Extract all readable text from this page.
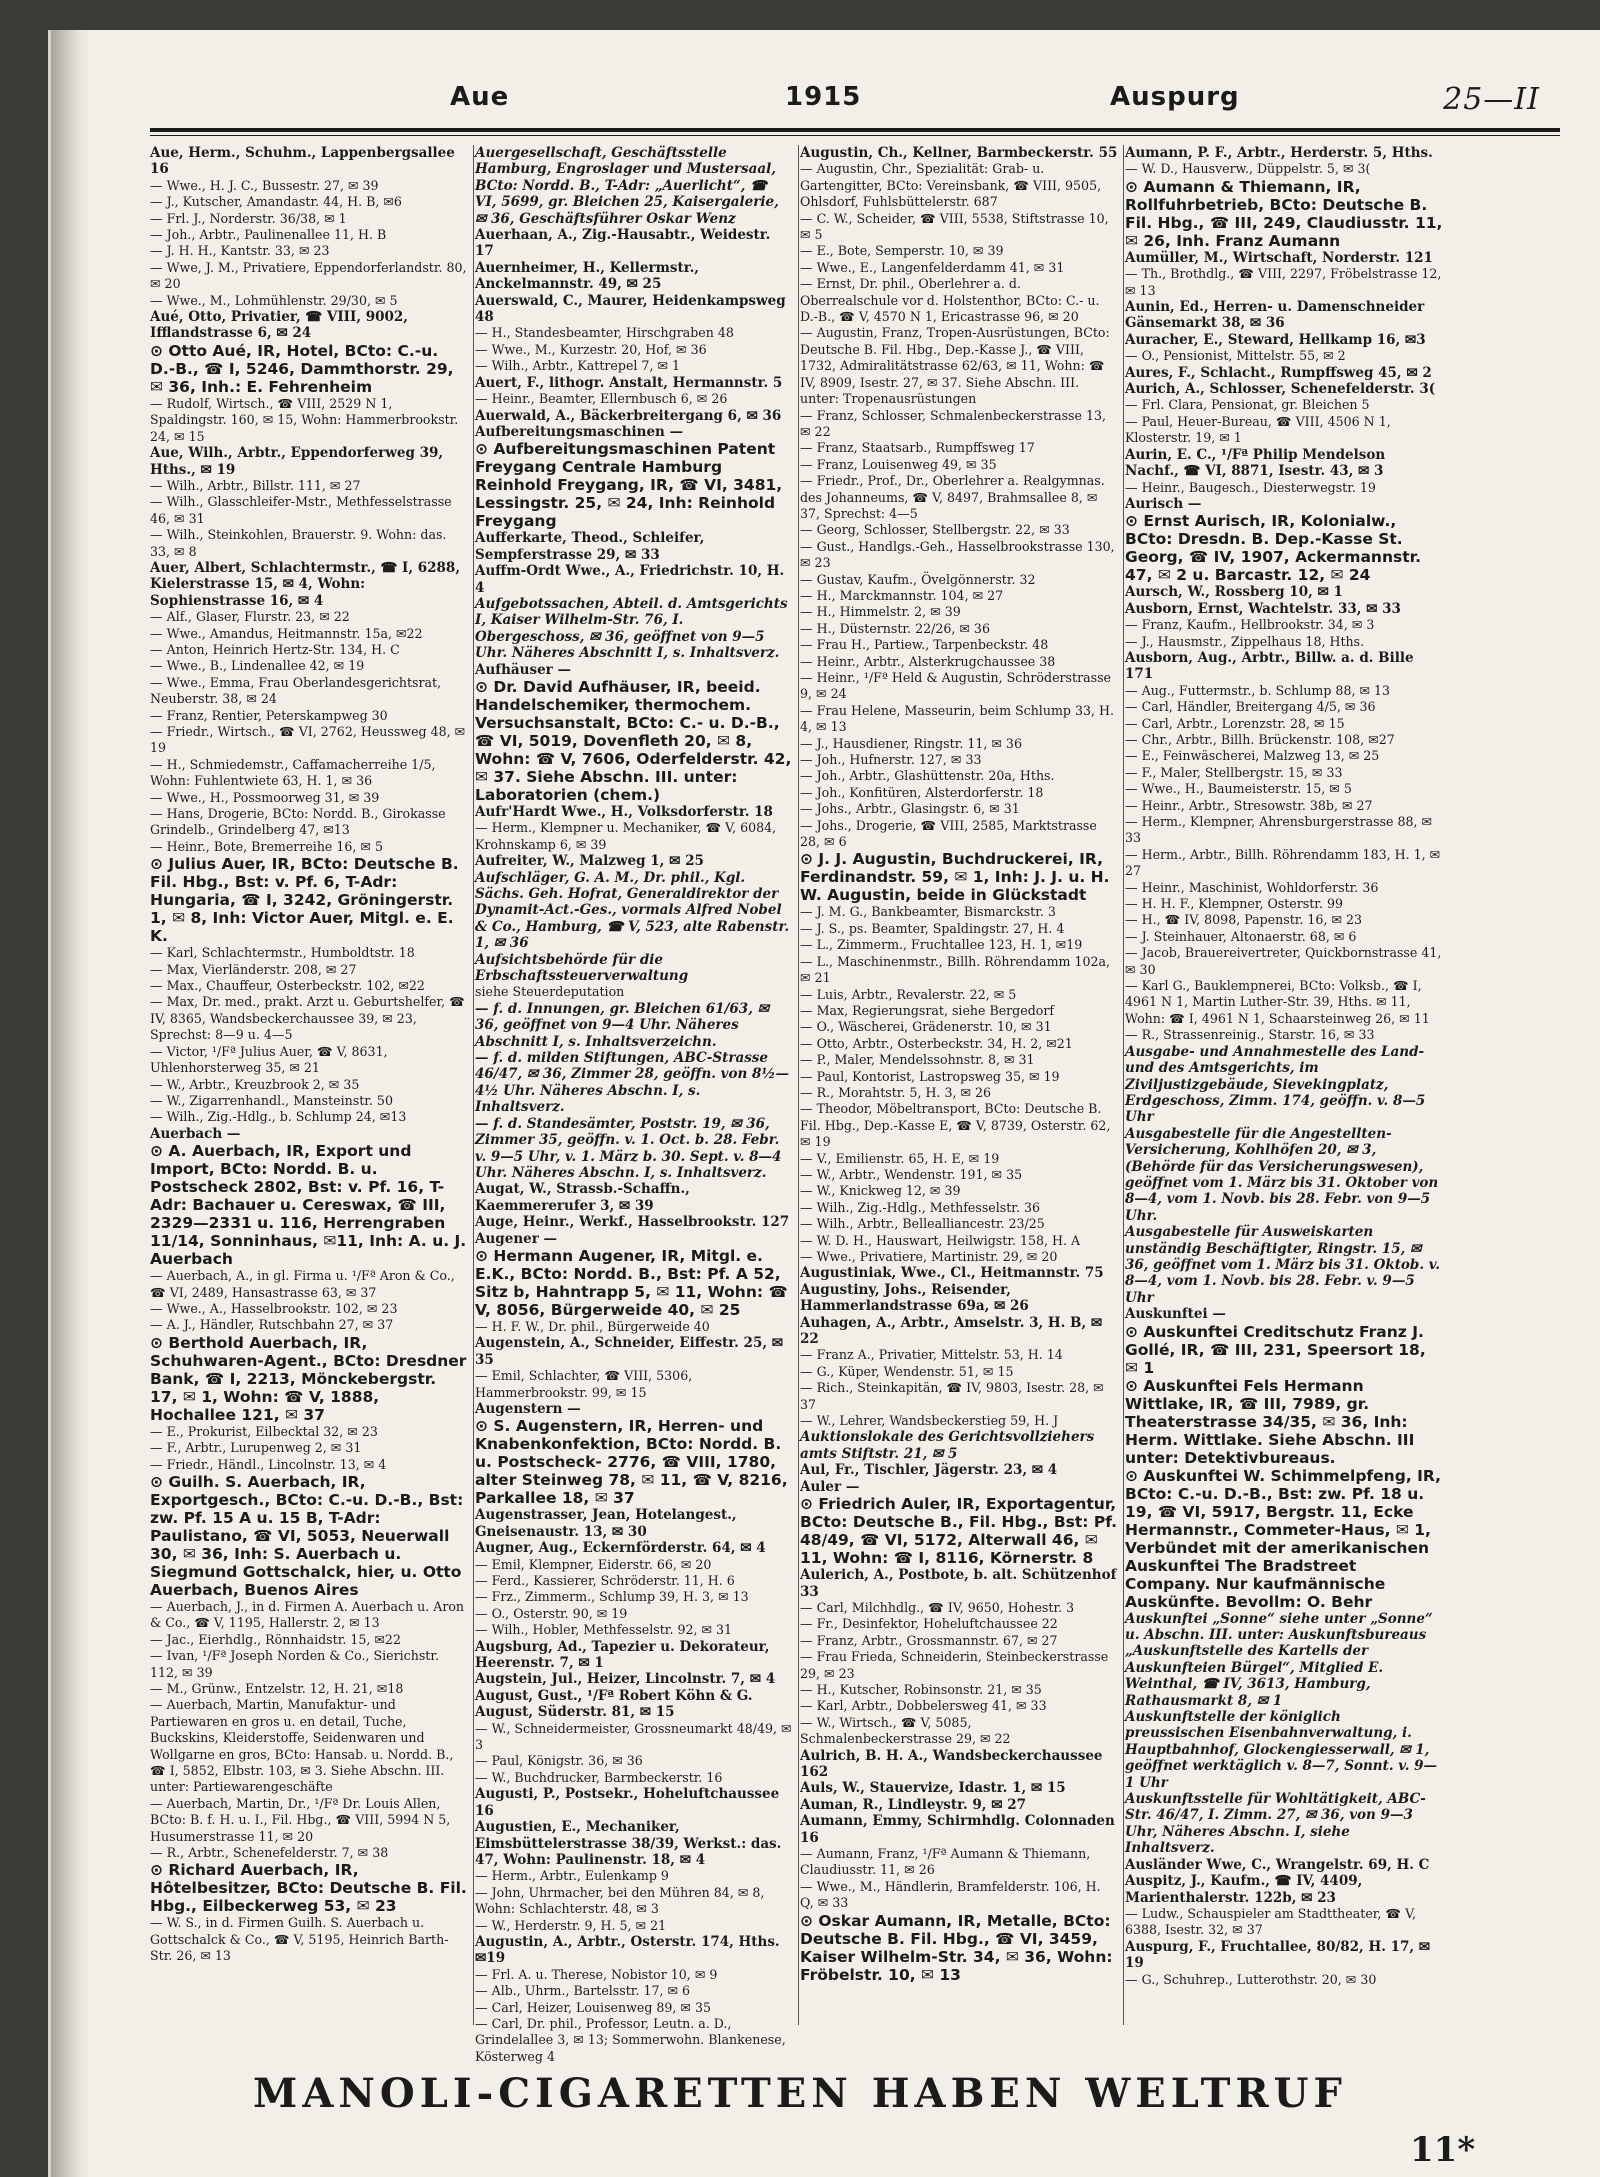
Aue	1915	Auspurg	25—II
Aue, Herm., Schuhm., Lappenbergsallee 16
— Wwe., H. J. C., Bussestr. 27, ✉ 39
— J., Kutscher, Amandastr. 44, H. B, ✉6
— Frl. J., Norderstr. 36/38, ✉ 1
— Joh., Arbtr., Paulinenallee 11, H. B
— J. H. H., Kantstr. 33, ✉ 23
— Wwe, J. M., Privatiere, Eppendorferlandstr. 80, ✉ 20
— Wwe., M., Lohmühlenstr. 29/30, ✉ 5
Aué, Otto, Privatier, ☎ VIII, 9002, Ifflandstrasse 6, ✉ 24
⊙ Otto Aué, IR, Hotel, BCto: C.-u. D.-B., ☎ I, 5246, Dammthorstr. 29, ✉ 36, Inh.: E. Fehrenheim
— Rudolf, Wirtsch., ☎ VIII, 2529 N 1, Spaldingstr. 160, ✉ 15, Wohn: Hammerbrookstr. 24, ✉ 15
Aue, Wilh., Arbtr., Eppendorferweg 39, Hths., ✉ 19
— Wilh., Arbtr., Billstr. 111, ✉ 27
— Wilh., Glasschleifer-Mstr., Methfesselstrasse 46, ✉ 31
— Wilh., Steinkohlen, Brauerstr. 9. Wohn: das. 33, ✉ 8
Auer, Albert, Schlachtermstr., ☎ I, 6288, Kielerstrasse 15, ✉ 4, Wohn: Sophienstrasse 16, ✉ 4
— Alf., Glaser, Flurstr. 23, ✉ 22
— Wwe., Amandus, Heitmannstr. 15a, ✉22
— Anton, Heinrich Hertz-Str. 134, H. C
— Wwe., B., Lindenallee 42, ✉ 19
— Wwe., Emma, Frau Oberlandesgerichtsrat, Neuberstr. 38, ✉ 24
— Franz, Rentier, Peterskampweg 30
— Friedr., Wirtsch., ☎ VI, 2762, Heussweg 48, ✉ 19
— H., Schmiedemstr., Caffamacherreihe 1/5, Wohn: Fuhlentwiete 63, H. 1, ✉ 36
— Wwe., H., Possmoorweg 31, ✉ 39
— Hans, Drogerie, BCto: Nordd. B., Girokasse Grindelb., Grindelberg 47, ✉13
— Heinr., Bote, Bremerreihe 16, ✉ 5
⊙ Julius Auer, IR, BCto: Deutsche B. Fil. Hbg., Bst: v. Pf. 6, T-Adr: Hungaria, ☎ I, 3242, Gröningerstr. 1, ✉ 8, Inh: Victor Auer, Mitgl. e. E. K.
— Karl, Schlachtermstr., Humboldtstr. 18
— Max, Vierländerstr. 208, ✉ 27
— Max., Chauffeur, Osterbeckstr. 102, ✉22
— Max, Dr. med., prakt. Arzt u. Geburtshelfer, ☎ IV, 8365, Wandsbeckerchaussee 39, ✉ 23, Sprechst: 8—9 u. 4—5
— Victor, ¹/Fª Julius Auer, ☎ V, 8631, Uhlenhorsterweg 35, ✉ 21
— W., Arbtr., Kreuzbrook 2, ✉ 35
— W., Zigarrenhandl., Mansteinstr. 50
— Wilh., Zig.-Hdlg., b. Schlump 24, ✉13
Auerbach —
⊙ A. Auerbach, IR, Export und Import, BCto: Nordd. B. u. Postscheck 2802, Bst: v. Pf. 16, T-Adr: Bachauer u. Cereswax, ☎ III, 2329—2331 u. 116, Herrengraben 11/14, Sonninhaus, ✉11, Inh: A. u. J. Auerbach
— Auerbach, A., in gl. Firma u. ¹/Fª Aron & Co., ☎ VI, 2489, Hansastrasse 63, ✉ 37
— Wwe., A., Hasselbrookstr. 102, ✉ 23
— A. J., Händler, Rutschbahn 27, ✉ 37
⊙ Berthold Auerbach, IR, Schuhwaren-Agent., BCto: Dresdner Bank, ☎ I, 2213, Mönckebergstr. 17, ✉ 1, Wohn: ☎ V, 1888, Hochallee 121, ✉ 37
— E., Prokurist, Eilbecktal 32, ✉ 23
— F., Arbtr., Lurupenweg 2, ✉ 31
— Friedr., Händl., Lincolnstr. 13, ✉ 4
⊙ Guilh. S. Auerbach, IR, Exportgesch., BCto: C.-u. D.-B., Bst: zw. Pf. 15 A u. 15 B, T-Adr: Paulistano, ☎ VI, 5053, Neuerwall 30, ✉ 36, Inh: S. Auerbach u. Siegmund Gottschalck, hier, u. Otto Auerbach, Buenos Aires
— Auerbach, J., in d. Firmen A. Auerbach u. Aron & Co., ☎ V, 1195, Hallerstr. 2, ✉ 13
— Jac., Eierhdlg., Rönnhaidstr. 15, ✉22
— Ivan, ¹/Fª Joseph Norden & Co., Sierichstr. 112, ✉ 39
— M., Grünw., Entzelstr. 12, H. 21, ✉18
— Auerbach, Martin, Manufaktur- und Partiewaren en gros u. en detail, Tuche, Buckskins, Kleiderstoffe, Seidenwaren und Wollgarne en gros, BCto: Hansab. u. Nordd. B., ☎ I, 5852, Elbstr. 103, ✉ 3. Siehe Abschn. III. unter: Partiewarengeschäfte
— Auerbach, Martin, Dr., ¹/Fª Dr. Louis Allen, BCto: B. f. H. u. I., Fil. Hbg., ☎ VIII, 5994 N 5, Husumerstrasse 11, ✉ 20
— R., Arbtr., Schenefelderstr. 7, ✉ 38
⊙ Richard Auerbach, IR, Hôtelbesitzer, BCto: Deutsche B. Fil. Hbg., Eilbeckerweg 53, ✉ 23
— W. S., in d. Firmen Guilh. S. Auerbach u. Gottschalck & Co., ☎ V, 5195, Heinrich Barth-Str. 26, ✉ 13
Auergesellschaft, Geschäftsstelle Hamburg, Engroslager und Mustersaal, BCto: Nordd. B., T-Adr: „Auerlicht“, ☎ VI, 5699, gr. Bleichen 25, Kaisergalerie, ✉ 36, Geschäftsführer Oskar Wenz
Auerhaan, A., Zig.-Hausabtr., Weidestr. 17
Auernheimer, H., Kellermstr., Anckelmannstr. 49, ✉ 25
Auerswald, C., Maurer, Heidenkampsweg 48
— H., Standesbeamter, Hirschgraben 48
— Wwe., M., Kurzestr. 20, Hof, ✉ 36
— Wilh., Arbtr., Kattrepel 7, ✉ 1
Auert, F., lithogr. Anstalt, Hermannstr. 5
— Heinr., Beamter, Ellernbusch 6, ✉ 26
Auerwald, A., Bäckerbreitergang 6, ✉ 36
Aufbereitungsmaschinen —
⊙ Aufbereitungsmaschinen Patent Freygang Centrale Hamburg Reinhold Freygang, IR, ☎ VI, 3481, Lessingstr. 25, ✉ 24, Inh: Reinhold Freygang
Aufferkarte, Theod., Schleifer, Sempferstrasse 29, ✉ 33
Auffm-Ordt Wwe., A., Friedrichstr. 10, H. 4
Aufgebotssachen, Abteil. d. Amtsgerichts I, Kaiser Wilhelm-Str. 76, I. Obergeschoss, ✉ 36, geöffnet von 9—5 Uhr. Näheres Abschnitt I, s. Inhaltsverz.
Aufhäuser —
⊙ Dr. David Aufhäuser, IR, beeid. Handelschemiker, thermochem. Versuchsanstalt, BCto: C.- u. D.-B., ☎ VI, 5019, Dovenfleth 20, ✉ 8, Wohn: ☎ V, 7606, Oderfelderstr. 42, ✉ 37. Siehe Abschn. III. unter: Laboratorien (chem.)
Aufr'Hardt Wwe., H., Volksdorferstr. 18
— Herm., Klempner u. Mechaniker, ☎ V, 6084, Krohnskamp 6, ✉ 39
Aufreiter, W., Malzweg 1, ✉ 25
Aufschläger, G. A. M., Dr. phil., Kgl. Sächs. Geh. Hofrat, Generaldirektor der Dynamit-Act.-Ges., vormals Alfred Nobel & Co., Hamburg, ☎ V, 523, alte Rabenstr. 1, ✉ 36
Aufsichtsbehörde für die Erbschaftssteuerverwaltung
siehe Steuerdeputation
— f. d. Innungen, gr. Bleichen 61/63, ✉ 36, geöffnet von 9—4 Uhr. Näheres Abschnitt I, s. Inhaltsverzeichn.
— f. d. milden Stiftungen, ABC-Strasse 46/47, ✉ 36, Zimmer 28, geöffn. von 8½—4½ Uhr. Näheres Abschn. I, s. Inhaltsverz.
— f. d. Standesämter, Poststr. 19, ✉ 36, Zimmer 35, geöffn. v. 1. Oct. b. 28. Febr. v. 9—5 Uhr, v. 1. März b. 30. Sept. v. 8—4 Uhr. Näheres Abschn. I, s. Inhaltsverz.
Augat, W., Strassb.-Schaffn., Kaemmererufer 3, ✉ 39
Auge, Heinr., Werkf., Hasselbrookstr. 127
Augener —
⊙ Hermann Augener, IR, Mitgl. e. E.K., BCto: Nordd. B., Bst: Pf. A 52, Sitz b, Hahntrapp 5, ✉ 11, Wohn: ☎ V, 8056, Bürgerweide 40, ✉ 25
— H. F. W., Dr. phil., Bürgerweide 40
Augenstein, A., Schneider, Eiffestr. 25, ✉ 35
— Emil, Schlachter, ☎ VIII, 5306, Hammerbrookstr. 99, ✉ 15
Augenstern —
⊙ S. Augenstern, IR, Herren- und Knabenkonfektion, BCto: Nordd. B. u. Postscheck- 2776, ☎ VIII, 1780, alter Steinweg 78, ✉ 11, ☎ V, 8216, Parkallee 18, ✉ 37
Augenstrasser, Jean, Hotelangest., Gneisenaustr. 13, ✉ 30
Augner, Aug., Eckernförderstr. 64, ✉ 4
— Emil, Klempner, Eiderstr. 66, ✉ 20
— Ferd., Kassierer, Schröderstr. 11, H. 6
— Frz., Zimmerm., Schlump 39, H. 3, ✉ 13
— O., Osterstr. 90, ✉ 19
— Wilh., Hobler, Methfesselstr. 92, ✉ 31
Augsburg, Ad., Tapezier u. Dekorateur, Heerenstr. 7, ✉ 1
Augstein, Jul., Heizer, Lincolnstr. 7, ✉ 4
August, Gust., ¹/Fª Robert Köhn & G. August, Süderstr. 81, ✉ 15
— W., Schneidermeister, Grossneumarkt 48/49, ✉ 3
— Paul, Königstr. 36, ✉ 36
— W., Buchdrucker, Barmbeckerstr. 16
Augusti, P., Postsekr., Hoheluftchaussee 16
Augustien, E., Mechaniker, Eimsbüttelerstrasse 38/39, Werkst.: das. 47, Wohn: Paulinenstr. 18, ✉ 4
— Herm., Arbtr., Eulenkamp 9
— John, Uhrmacher, bei den Mühren 84, ✉ 8, Wohn: Schlachterstr. 48, ✉ 3
— W., Herderstr. 9, H. 5, ✉ 21
Augustin, A., Arbtr., Osterstr. 174, Hths. ✉19
— Frl. A. u. Therese, Nobistor 10, ✉ 9
— Alb., Uhrm., Bartelsstr. 17, ✉ 6
— Carl, Heizer, Louisenweg 89, ✉ 35
— Carl, Dr. phil., Professor, Leutn. a. D., Grindelallee 3, ✉ 13; Sommerwohn. Blankenese, Kösterweg 4
Augustin, Ch., Kellner, Barmbeckerstr. 55
— Augustin, Chr., Spezialität: Grab- u. Gartengitter, BCto: Vereinsbank, ☎ VIII, 9505, Ohlsdorf, Fuhlsbüttelerstr. 687
— C. W., Scheider, ☎ VIII, 5538, Stiftstrasse 10, ✉ 5
— E., Bote, Semperstr. 10, ✉ 39
— Wwe., E., Langenfelderdamm 41, ✉ 31
— Ernst, Dr. phil., Oberlehrer a. d. Oberrealschule vor d. Holstenthor, BCto: C.- u. D.-B., ☎ V, 4570 N 1, Ericastrasse 96, ✉ 20
— Augustin, Franz, Tropen-Ausrüstungen, BCto: Deutsche B. Fil. Hbg., Dep.-Kasse J., ☎ VIII, 1732, Admiralitätstrasse 62/63, ✉ 11, Wohn: ☎ IV, 8909, Isestr. 27, ✉ 37. Siehe Abschn. III. unter: Tropenausrüstungen
— Franz, Schlosser, Schmalenbeckerstrasse 13, ✉ 22
— Franz, Staatsarb., Rumpffsweg 17
— Franz, Louisenweg 49, ✉ 35
— Friedr., Prof., Dr., Oberlehrer a. Realgymnas. des Johanneums, ☎ V, 8497, Brahmsallee 8, ✉ 37, Sprechst: 4—5
— Georg, Schlosser, Stellbergstr. 22, ✉ 33
— Gust., Handlgs.-Geh., Hasselbrookstrasse 130, ✉ 23
— Gustav, Kaufm., Övelgönnerstr. 32
— H., Marckmannstr. 104, ✉ 27
— H., Himmelstr. 2, ✉ 39
— H., Düsternstr. 22/26, ✉ 36
— Frau H., Partiew., Tarpenbeckstr. 48
— Heinr., Arbtr., Alsterkrugchaussee 38
— Heinr., ¹/Fª Held & Augustin, Schröderstrasse 9, ✉ 24
— Frau Helene, Masseurin, beim Schlump 33, H. 4, ✉ 13
— J., Hausdiener, Ringstr. 11, ✉ 36
— Joh., Hufnerstr. 127, ✉ 33
— Joh., Arbtr., Glashüttenstr. 20a, Hths.
— Joh., Konfitüren, Alsterdorferstr. 18
— Johs., Arbtr., Glasingstr. 6, ✉ 31
— Johs., Drogerie, ☎ VIII, 2585, Marktstrasse 28, ✉ 6
⊙ J. J. Augustin, Buchdruckerei, IR, Ferdinandstr. 59, ✉ 1, Inh: J. J. u. H. W. Augustin, beide in Glückstadt
— J. M. G., Bankbeamter, Bismarckstr. 3
— J. S., ps. Beamter, Spaldingstr. 27, H. 4
— L., Zimmerm., Fruchtallee 123, H. 1, ✉19
— L., Maschinenmstr., Billh. Röhrendamm 102a, ✉ 21
— Luis, Arbtr., Revalerstr. 22, ✉ 5
— Max, Regierungsrat, siehe Bergedorf
— O., Wäscherei, Grädenerstr. 10, ✉ 31
— Otto, Arbtr., Osterbeckstr. 34, H. 2, ✉21
— P., Maler, Mendelssohnstr. 8, ✉ 31
— Paul, Kontorist, Lastropsweg 35, ✉ 19
— R., Morahtstr. 5, H. 3, ✉ 26
— Theodor, Möbeltransport, BCto: Deutsche B. Fil. Hbg., Dep.-Kasse E, ☎ V, 8739, Osterstr. 62, ✉ 19
— V., Emilienstr. 65, H. E, ✉ 19
— W., Arbtr., Wendenstr. 191, ✉ 35
— W., Knickweg 12, ✉ 39
— Wilh., Zig.-Hdlg., Methfesselstr. 36
— Wilh., Arbtr., Bellealliancestr. 23/25
— W. D. H., Hauswart, Heilwigstr. 158, H. A
— Wwe., Privatiere, Martinistr. 29, ✉ 20
Augustiniak, Wwe., Cl., Heitmannstr. 75
Augustiny, Johs., Reisender, Hammerlandstrasse 69a, ✉ 26
Auhagen, A., Arbtr., Amselstr. 3, H. B, ✉22
— Franz A., Privatier, Mittelstr. 53, H. 14
— G., Küper, Wendenstr. 51, ✉ 15
— Rich., Steinkapitän, ☎ IV, 9803, Isestr. 28, ✉ 37
— W., Lehrer, Wandsbeckerstieg 59, H. J
Auktionslokale des Gerichtsvollziehers amts Stiftstr. 21, ✉ 5
Aul, Fr., Tischler, Jägerstr. 23, ✉ 4
Auler —
⊙ Friedrich Auler, IR, Exportagentur, BCto: Deutsche B., Fil. Hbg., Bst: Pf. 48/49, ☎ VI, 5172, Alterwall 46, ✉ 11, Wohn: ☎ I, 8116, Körnerstr. 8
Aulerich, A., Postbote, b. alt. Schützenhof 33
— Carl, Milchhdlg., ☎ IV, 9650, Hohestr. 3
— Fr., Desinfektor, Hoheluftchaussee 22
— Franz, Arbtr., Grossmannstr. 67, ✉ 27
— Frau Frieda, Schneiderin, Steinbeckerstrasse 29, ✉ 23
— H., Kutscher, Robinsonstr. 21, ✉ 35
— Karl, Arbtr., Dobbelersweg 41, ✉ 33
— W., Wirtsch., ☎ V, 5085, Schmalenbeckerstrasse 29, ✉ 22
Aulrich, B. H. A., Wandsbeckerchaussee 162
Auls, W., Stauervize, Idastr. 1, ✉ 15
Auman, R., Lindleystr. 9, ✉ 27
Aumann, Emmy, Schirmhdlg. Colonnaden 16
— Aumann, Franz, ¹/Fª Aumann & Thiemann, Claudiusstr. 11, ✉ 26
— Wwe., M., Händlerin, Bramfelderstr. 106, H. Q, ✉ 33
⊙ Oskar Aumann, IR, Metalle, BCto: Deutsche B. Fil. Hbg., ☎ VI, 3459, Kaiser Wilhelm-Str. 34, ✉ 36, Wohn: Fröbelstr. 10, ✉ 13
Aumann, P. F., Arbtr., Herderstr. 5, Hths.
— W. D., Hausverw., Düppelstr. 5, ✉ 3(
⊙ Aumann & Thiemann, IR, Rollfuhrbetrieb, BCto: Deutsche B. Fil. Hbg., ☎ III, 249, Claudiusstr. 11, ✉ 26, Inh. Franz Aumann
Aumüller, M., Wirtschaft, Norderstr. 121
— Th., Brothdlg., ☎ VIII, 2297, Fröbelstrasse 12, ✉ 13
Aunin, Ed., Herren- u. Damenschneider Gänsemarkt 38, ✉ 36
Auracher, E., Steward, Hellkamp 16, ✉3
— O., Pensionist, Mittelstr. 55, ✉ 2
Aures, F., Schlacht., Rumpffsweg 45, ✉ 2
Aurich, A., Schlosser, Schenefelderstr. 3(
— Frl. Clara, Pensionat, gr. Bleichen 5
— Paul, Heuer-Bureau, ☎ VIII, 4506 N 1, Klosterstr. 19, ✉ 1
Aurin, E. C., ¹/Fª Philip Mendelson Nachf., ☎ VI, 8871, Isestr. 43, ✉ 3
— Heinr., Baugesch., Diesterwegstr. 19
Aurisch —
⊙ Ernst Aurisch, IR, Kolonialw., BCto: Dresdn. B. Dep.-Kasse St. Georg, ☎ IV, 1907, Ackermannstr. 47, ✉ 2 u. Barcastr. 12, ✉ 24
Aursch, W., Rossberg 10, ✉ 1
Ausborn, Ernst, Wachtelstr. 33, ✉ 33
— Franz, Kaufm., Hellbrookstr. 34, ✉ 3
— J., Hausmstr., Zippelhaus 18, Hths.
Ausborn, Aug., Arbtr., Billw. a. d. Bille 171
— Aug., Futtermstr., b. Schlump 88, ✉ 13
— Carl, Händler, Breitergang 4/5, ✉ 36
— Carl, Arbtr., Lorenzstr. 28, ✉ 15
— Chr., Arbtr., Billh. Brückenstr. 108, ✉27
— E., Feinwäscherei, Malzweg 13, ✉ 25
— F., Maler, Stellbergstr. 15, ✉ 33
— Wwe., H., Baumeisterstr. 15, ✉ 5
— Heinr., Arbtr., Stresowstr. 38b, ✉ 27
— Herm., Klempner, Ahrensburgerstrasse 88, ✉ 33
— Herm., Arbtr., Billh. Röhrendamm 183, H. 1, ✉ 27
— Heinr., Maschinist, Wohldorferstr. 36
— H. H. F., Klempner, Osterstr. 99
— H., ☎ IV, 8098, Papenstr. 16, ✉ 23
— J. Steinhauer, Altonaerstr. 68, ✉ 6
— Jacob, Brauereivertreter, Quickbornstrasse 41, ✉ 30
— Karl G., Bauklempnerei, BCto: Volksb., ☎ I, 4961 N 1, Martin Luther-Str. 39, Hths. ✉ 11, Wohn: ☎ I, 4961 N 1, Schaarsteinweg 26, ✉ 11
— R., Strassenreinig., Starstr. 16, ✉ 33
Ausgabe- und Annahmestelle des Land- und des Amtsgerichts, im Ziviljustizgebäude, Sievekingplatz, Erdgeschoss, Zimm. 174, geöffn. v. 8—5 Uhr
Ausgabestelle für die Angestellten-Versicherung, Kohlhöfen 20, ✉ 3, (Behörde für das Versicherungswesen), geöffnet vom 1. März bis 31. Oktober von 8—4, vom 1. Novb. bis 28. Febr. von 9—5 Uhr.
Ausgabestelle für Ausweiskarten unständig Beschäftigter, Ringstr. 15, ✉ 36, geöffnet vom 1. März bis 31. Oktob. v. 8—4, vom 1. Novb. bis 28. Febr. v. 9—5 Uhr
Auskunftei —
⊙ Auskunftei Creditschutz Franz J. Gollé, IR, ☎ III, 231, Speersort 18, ✉ 1
⊙ Auskunftei Fels Hermann Wittlake, IR, ☎ III, 7989, gr. Theaterstrasse 34/35, ✉ 36, Inh: Herm. Wittlake. Siehe Abschn. III unter: Detektivbureaus.
⊙ Auskunftei W. Schimmelpfeng, IR, BCto: C.-u. D.-B., Bst: zw. Pf. 18 u. 19, ☎ VI, 5917, Bergstr. 11, Ecke Hermannstr., Commeter-Haus, ✉ 1, Verbündet mit der amerikanischen Auskunftei The Bradstreet Company. Nur kaufmännische Auskünfte. Bevollm: O. Behr
Auskunftei „Sonne“ siehe unter „Sonne“ u. Abschn. III. unter: Auskunftsbureaus
„Auskunftstelle des Kartells der Auskunfteien Bürgel“, Mitglied E. Weinthal, ☎ IV, 3613, Hamburg, Rathausmarkt 8, ✉ 1
Auskunftstelle der königlich preussischen Eisenbahnverwaltung, i. Hauptbahnhof, Glockengiesserwall, ✉ 1, geöffnet werktäglich v. 8—7, Sonnt. v. 9—1 Uhr
Auskunftsstelle für Wohltätigkeit, ABC-Str. 46/47, I. Zimm. 27, ✉ 36, von 9—3 Uhr, Näheres Abschn. I, siehe Inhaltsverz.
Ausländer Wwe, C., Wrangelstr. 69, H. C
Auspitz, J., Kaufm., ☎ IV, 4409, Marienthalerstr. 122b, ✉ 23
— Ludw., Schauspieler am Stadttheater, ☎ V, 6388, Isestr. 32, ✉ 37
Auspurg, F., Fruchtallee, 80/82, H. 17, ✉19
— G., Schuhrep., Lutterothstr. 20, ✉ 30
MANOLI-CIGARETTEN HABEN WELTRUF
11*
